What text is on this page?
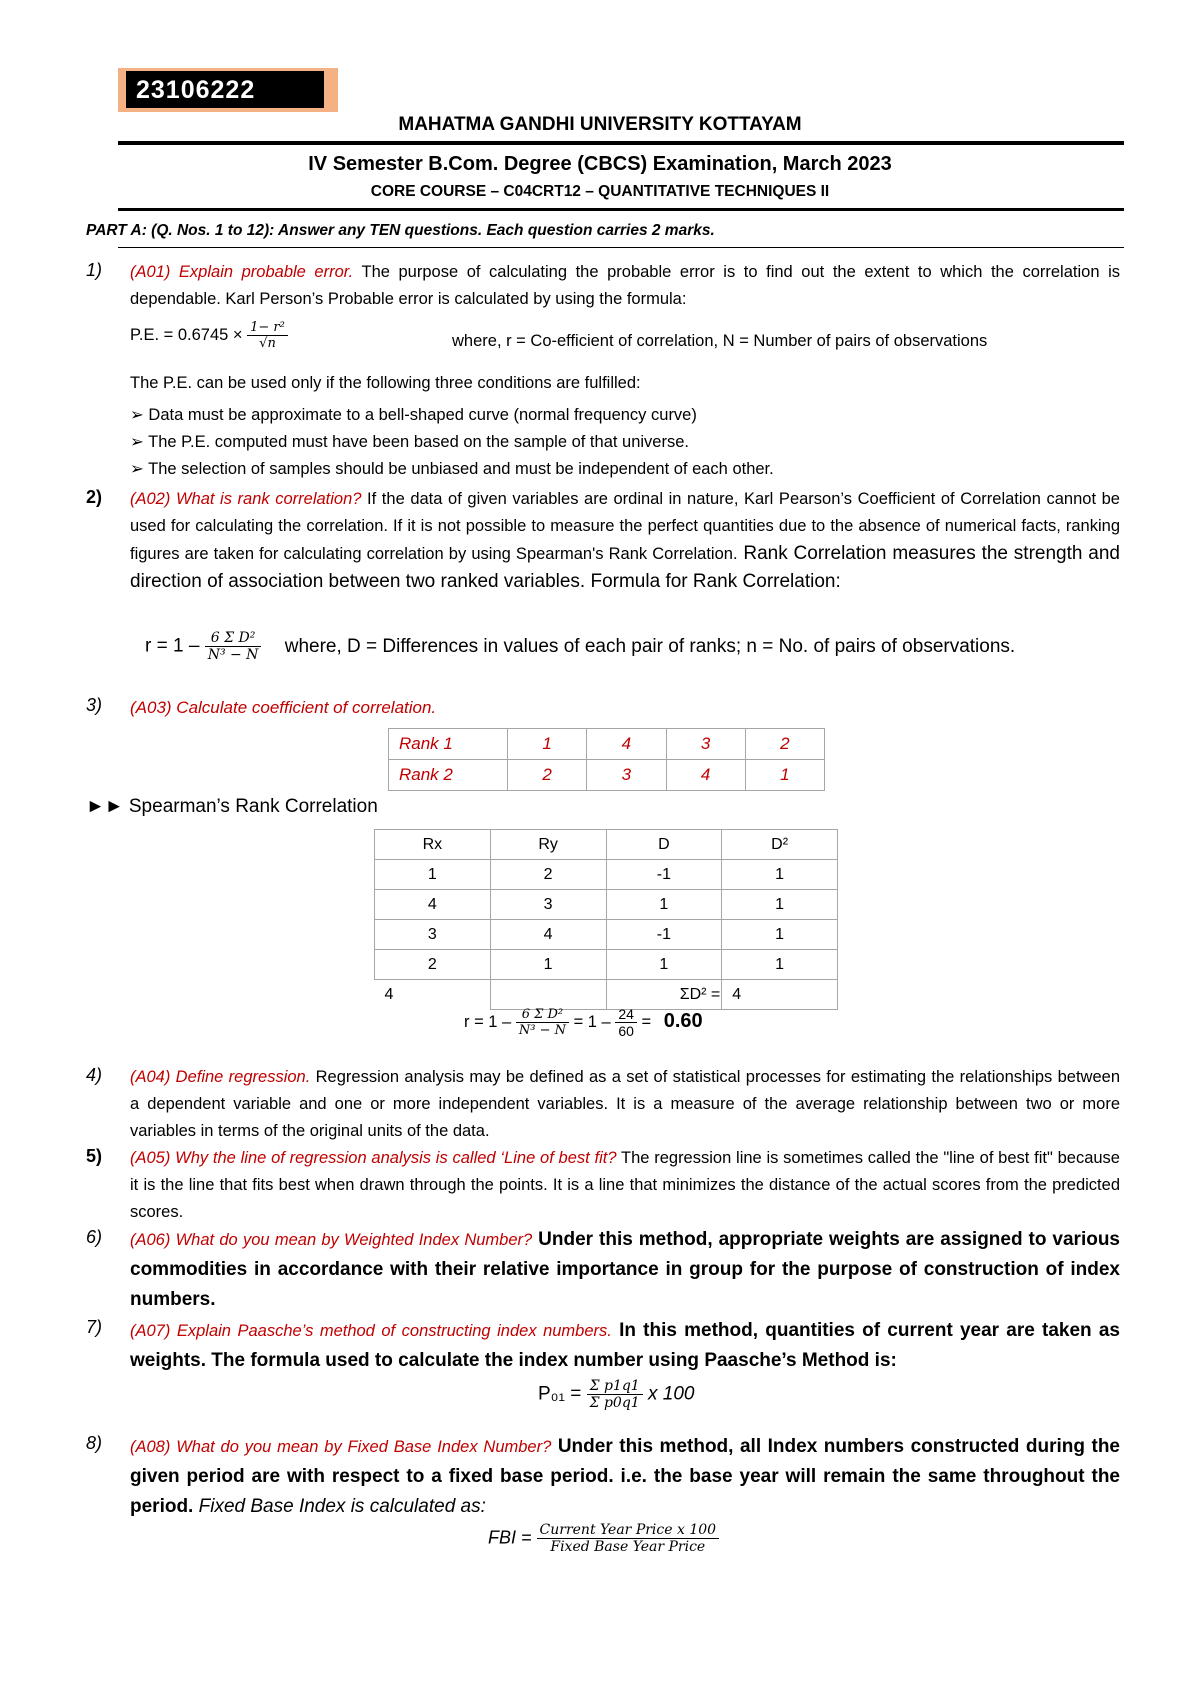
23106222
MAHATMA GANDHI UNIVERSITY KOTTAYAM
IV Semester B.Com. Degree (CBCS) Examination, March 2023
CORE COURSE – C04CRT12 – QUANTITATIVE TECHNIQUES II
PART A: (Q. Nos. 1 to 12): Answer any TEN questions. Each question carries 2 marks.
1) (A01) Explain probable error. The purpose of calculating the probable error is to find out the extent to which the correlation is dependable. Karl Person’s Probable error is calculated by using the formula:
P.E. = $0.6745 \times \frac{\text{1− r²}}{√n}$	where, r = Co-efficient of correlation, N = Number of pairs of observations
The P.E. can be used only if the following three conditions are fulfilled:
➢ Data must be approximate to a bell-shaped curve (normal frequency curve)
➢ The P.E. computed must have been based on the sample of that universe.
➢ The selection of samples should be unbiased and must be independent of each other.
2) (A02) What is rank correlation? If the data of given variables are ordinal in nature, Karl Pearson’s Coefficient of Correlation cannot be used for calculating the correlation. If it is not possible to measure the perfect quantities due to the absence of numerical facts, ranking figures are taken for calculating correlation by using Spearman's Rank Correlation. Rank Correlation measures the strength and direction of association between two ranked variables. Formula for Rank Correlation:
$r = 1 - \frac{\text{6 Σ D²}}{\text{N³ − N}}$ where, D = Differences in values of each pair of ranks; n = No. of pairs of observations.
3) (A03) Calculate coefficient of correlation.
Rank 1	1	4	3	2
Rank 2	2	3	4	1
►► Spearman’s Rank Correlation
Rx	Ry	D	D²
1	2	-1	1
4	3	1	1
3	4	-1	1
2	1	1	1
4		ΣD² =	4
$r = 1 - \frac{\text{6 Σ D²}}{\text{N³ − N}} = 1 - \frac{24}{60} = 0.60$
4) (A04) Define regression. Regression analysis may be defined as a set of statistical processes for estimating the relationships between a dependent variable and one or more independent variables. It is a measure of the average relationship between two or more variables in terms of the original units of the data.
5) (A05) Why the line of regression analysis is called ‘Line of best fit? The regression line is sometimes called the "line of best fit" because it is the line that fits best when drawn through the points. It is a line that minimizes the distance of the actual scores from the predicted scores.
6) (A06) What do you mean by Weighted Index Number? Under this method, appropriate weights are assigned to various commodities in accordance with their relative importance in group for the purpose of construction of index numbers.
7) (A07) Explain Paasche’s method of constructing index numbers. In this method, quantities of current year are taken as weights. The formula used to calculate the index number using Paasche’s Method is:
$P_{01} = \frac{\text{Σ p1q1}}{\text{Σ p0q1}}$ x 100
8) (A08) What do you mean by Fixed Base Index Number? Under this method, all Index numbers constructed during the given period are with respect to a fixed base period. i.e. the base year will remain the same throughout the period. Fixed Base Index is calculated as:
FBI = $\frac{\text{Current Year Price x 100}}{\text{Fixed Base Year Price}}$
